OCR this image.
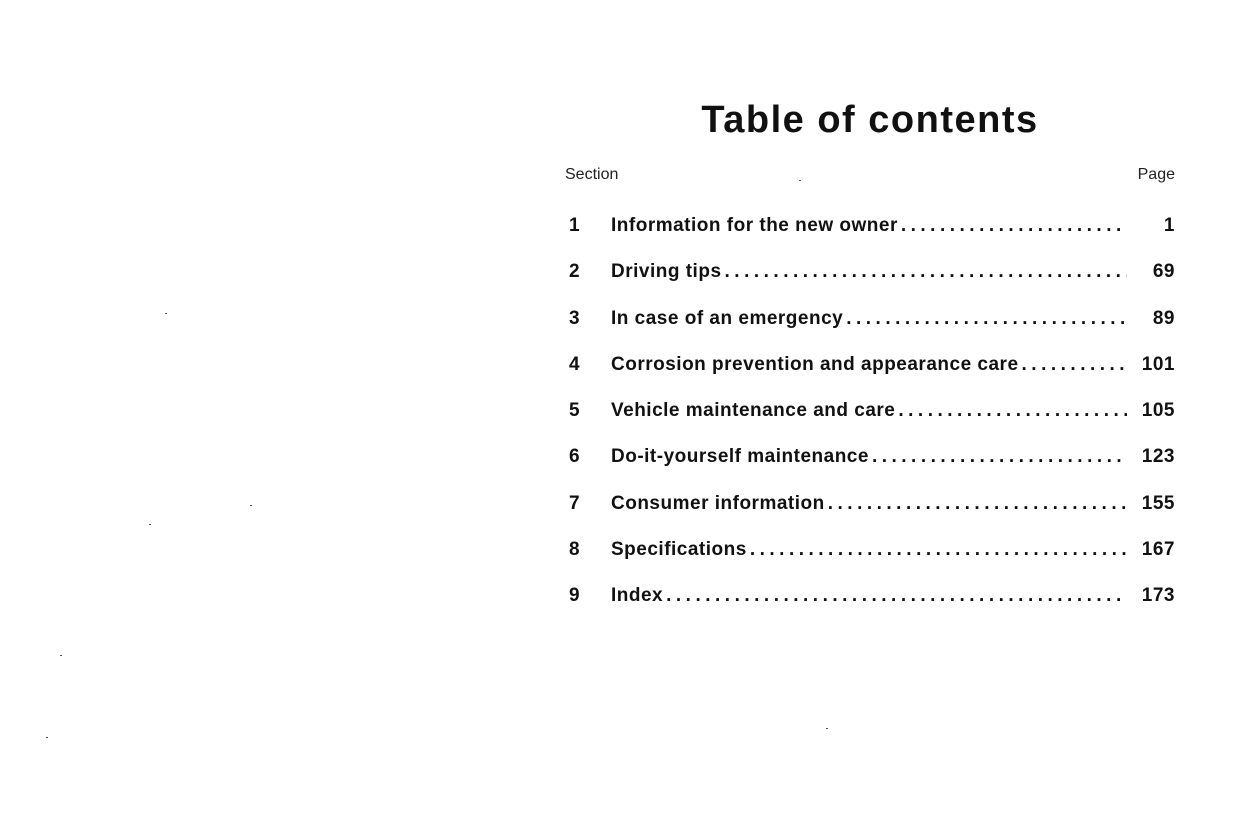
Table of contents
Section	Page
1	Information for the new owner .....	1
2	Driving tips .....	69
3	In case of an emergency .....	89
4	Corrosion prevention and appearance care .....	101
5	Vehicle maintenance and care .....	105
6	Do-it-yourself maintenance .....	123
7	Consumer information .....	155
8	Specifications .....	167
9	Index .....	173
